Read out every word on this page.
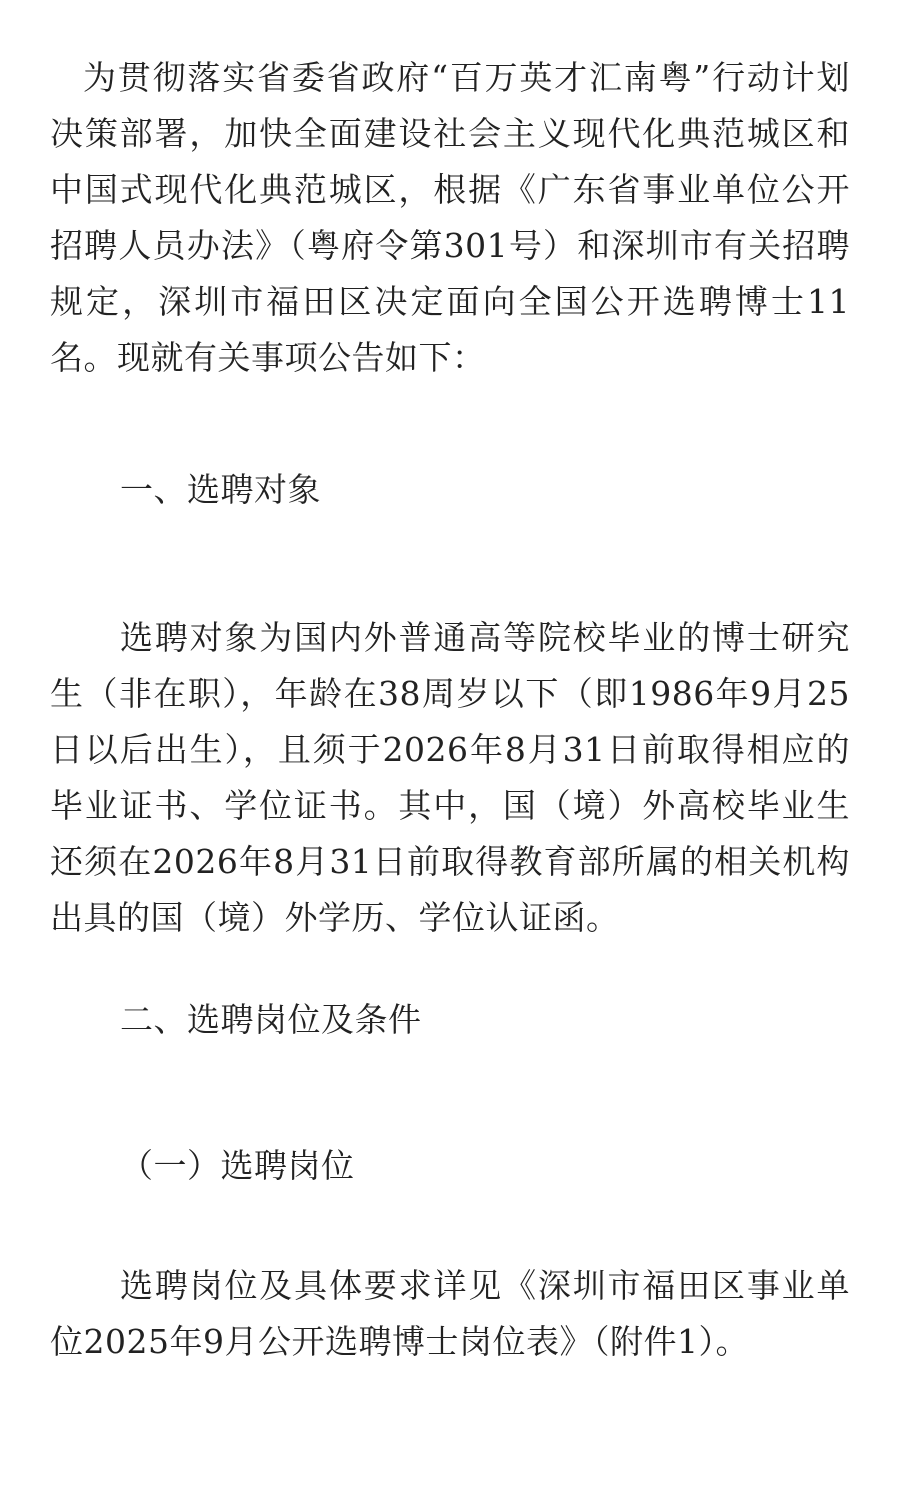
为贯彻落实省委省政府“百万英才汇南粤”行动计划决策部署，加快全面建设社会主义现代化典范城区和中国式现代化典范城区，根据《广东省事业单位公开招聘人员办法》（粤府令第301号）和深圳市有关招聘规定，深圳市福田区决定面向全国公开选聘博士11名。现就有关事项公告如下：

一、选聘对象

选聘对象为国内外普通高等院校毕业的博士研究生（非在职），年龄在38周岁以下（即1986年9月25日以后出生），且须于2026年8月31日前取得相应的毕业证书、学位证书。其中，国（境）外高校毕业生还须在2026年8月31日前取得教育部所属的相关机构出具的国（境）外学历、学位认证函。

二、选聘岗位及条件

（一）选聘岗位

选聘岗位及具体要求详见《深圳市福田区事业单位2025年9月公开选聘博士岗位表》（附件1）。
